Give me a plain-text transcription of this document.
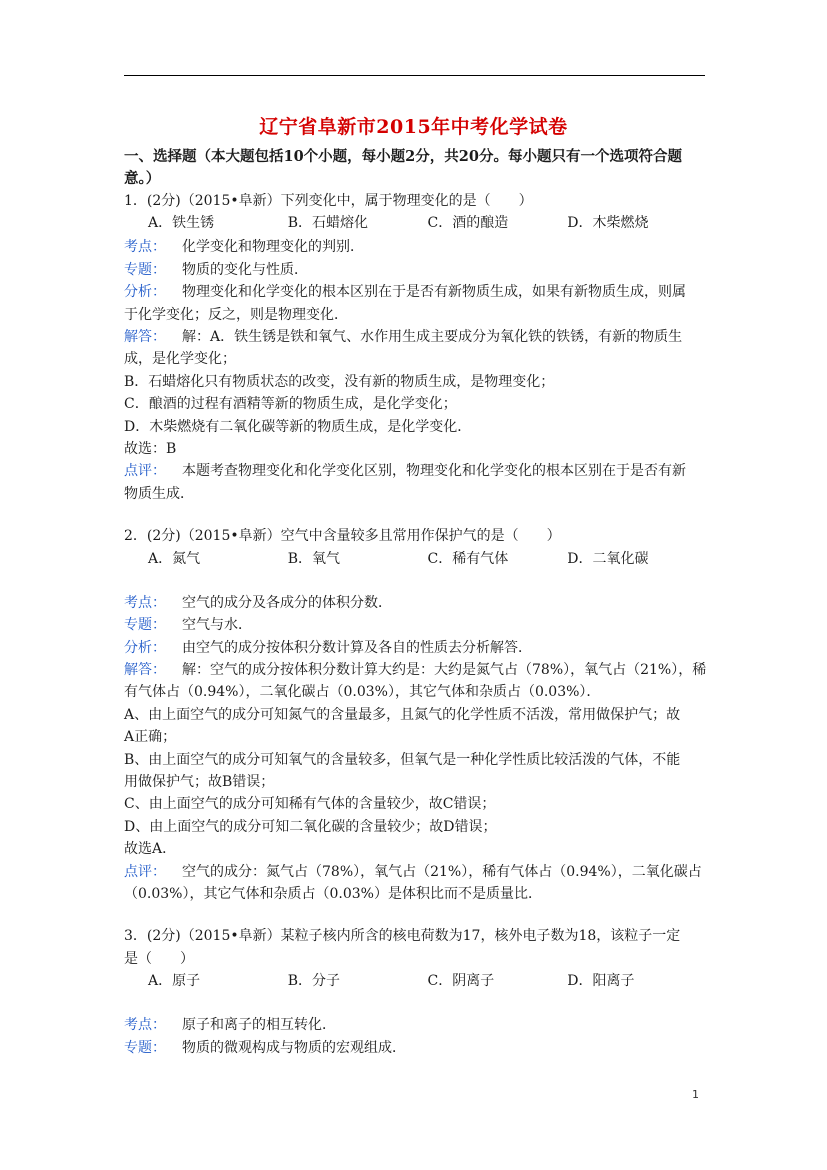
辽宁省阜新市2015年中考化学试卷

一、选择题（本大题包括10个小题，每小题2分，共20分。每小题只有一个选项符合题意。）

1．(2分)（2015•阜新）下列变化中，属于物理变化的是（　　）

A．铁生锈	B．石蜡熔化	C．酒的酿造	D．木柴燃烧

考点： 化学变化和物理变化的判别．

专题： 物质的变化与性质．

分析： 物理变化和化学变化的根本区别在于是否有新物质生成，如果有新物质生成，则属

于化学变化；反之，则是物理变化．

解答： 解：A．铁生锈是铁和氧气、水作用生成主要成分为氧化铁的铁锈，有新的物质生

成，是化学变化；

B．石蜡熔化只有物质状态的改变，没有新的物质生成，是物理变化；

C．酿酒的过程有酒精等新的物质生成，是化学变化；

D．木柴燃烧有二氧化碳等新的物质生成，是化学变化．

故选：B

点评： 本题考查物理变化和化学变化区别，物理变化和化学变化的根本区别在于是否有新

物质生成．

2．(2分)（2015•阜新）空气中含量较多且常用作保护气的是（　　）

A．氮气	B．氧气	C．稀有气体	D．二氧化碳

考点： 空气的成分及各成分的体积分数．

专题： 空气与水．

分析： 由空气的成分按体积分数计算及各自的性质去分析解答．

解答： 解：空气的成分按体积分数计算大约是：大约是氮气占（78%），氧气占（21%），稀

有气体占（0.94%），二氧化碳占（0.03%），其它气体和杂质占（0.03%）．

A、由上面空气的成分可知氮气的含量最多，且氮气的化学性质不活泼，常用做保护气；故

A正确；

B、由上面空气的成分可知氧气的含量较多，但氧气是一种化学性质比较活泼的气体，不能

用做保护气；故B错误；

C、由上面空气的成分可知稀有气体的含量较少，故C错误；

D、由上面空气的成分可知二氧化碳的含量较少；故D错误；

故选A．

点评： 空气的成分：氮气占（78%），氧气占（21%），稀有气体占（0.94%），二氧化碳占

（0.03%），其它气体和杂质占（0.03%）是体积比而不是质量比．

3．(2分)（2015•阜新）某粒子核内所含的核电荷数为17，核外电子数为18，该粒子一定

是（　　）

A．原子	B．分子	C．阴离子	D．阳离子

考点： 原子和离子的相互转化．

专题： 物质的微观构成与物质的宏观组成．

1
